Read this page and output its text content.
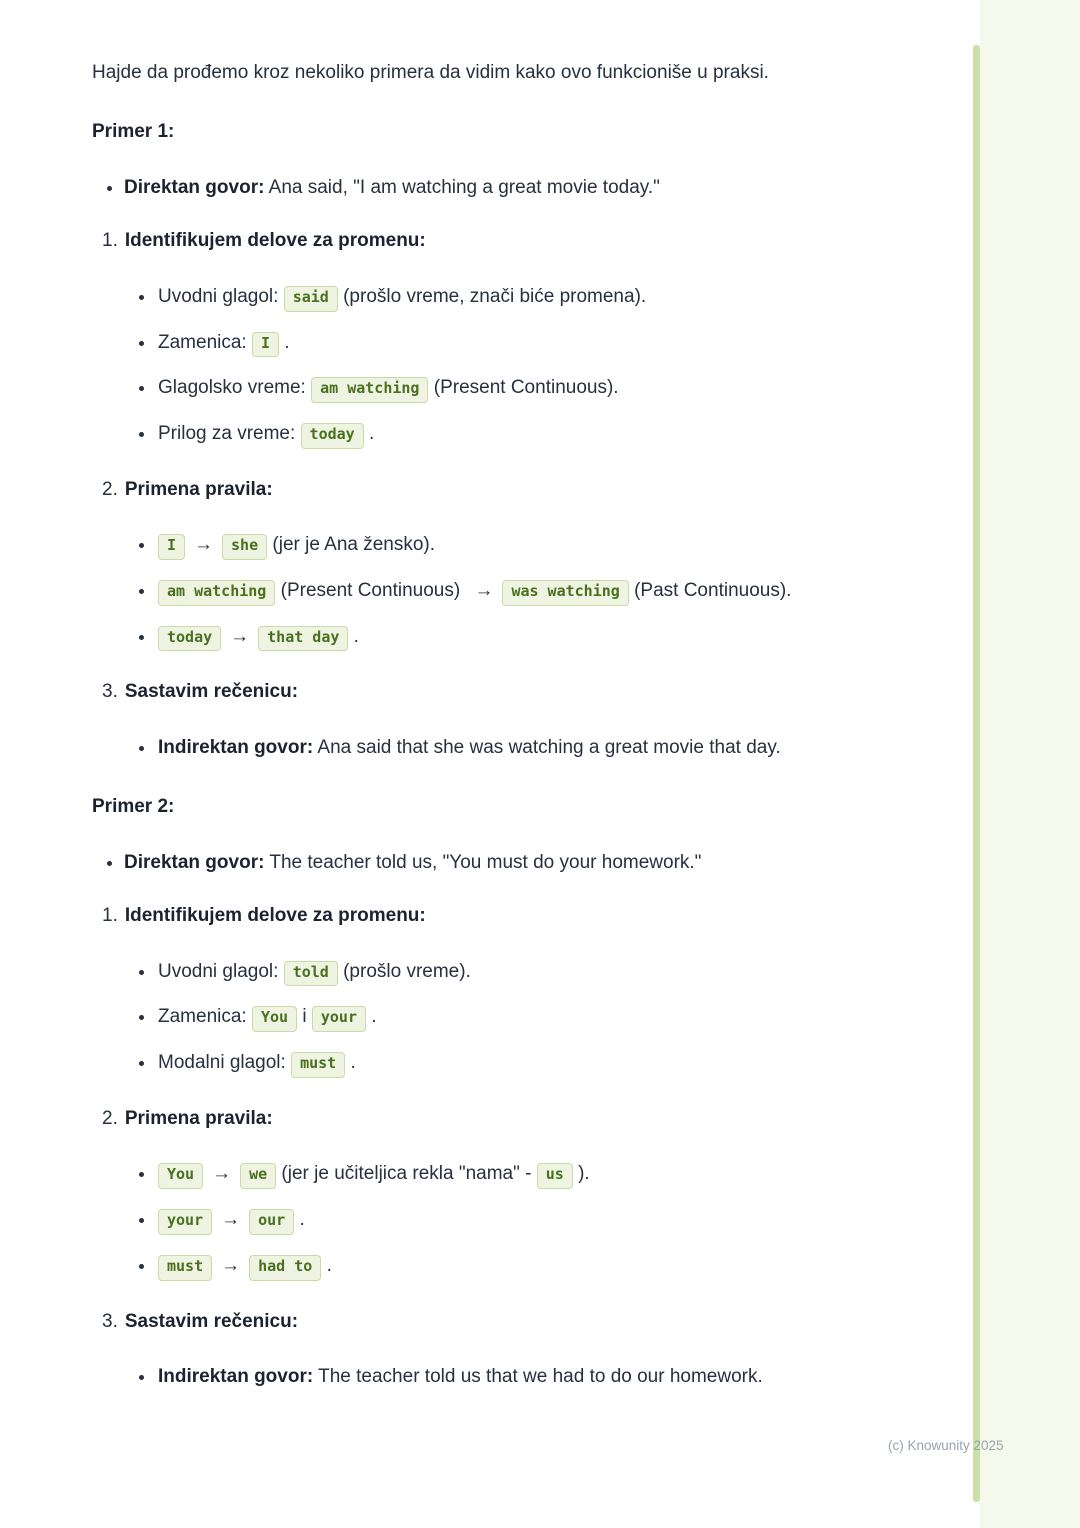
Hajde da prođemo kroz nekoliko primera da vidim kako ovo funkcioniše u praksi.

Primer 1:
• Direktan govor: Ana said, "I am watching a great movie today."
1. Identifikujem delove za promenu:
• Uvodni glagol: said (prošlo vreme, znači biće promena).
• Zamenica: I .
• Glagolsko vreme: am watching (Present Continuous).
• Prilog za vreme: today .
2. Primena pravila:
• I → she (jer je Ana žensko).
• am watching (Present Continuous) → was watching (Past Continuous).
• today → that day .
3. Sastavim rečenicu:
• Indirektan govor: Ana said that she was watching a great movie that day.
Primer 2:
• Direktan govor: The teacher told us, "You must do your homework."
1. Identifikujem delove za promenu:
• Uvodni glagol: told (prošlo vreme).
• Zamenica: You i your .
• Modalni glagol: must .
2. Primena pravila:
• You → we (jer je učiteljica rekla "nama" - us ).
• your → our .
• must → had to .
3. Sastavim rečenicu:
• Indirektan govor: The teacher told us that we had to do our homework.
(c) Knowunity 2025
